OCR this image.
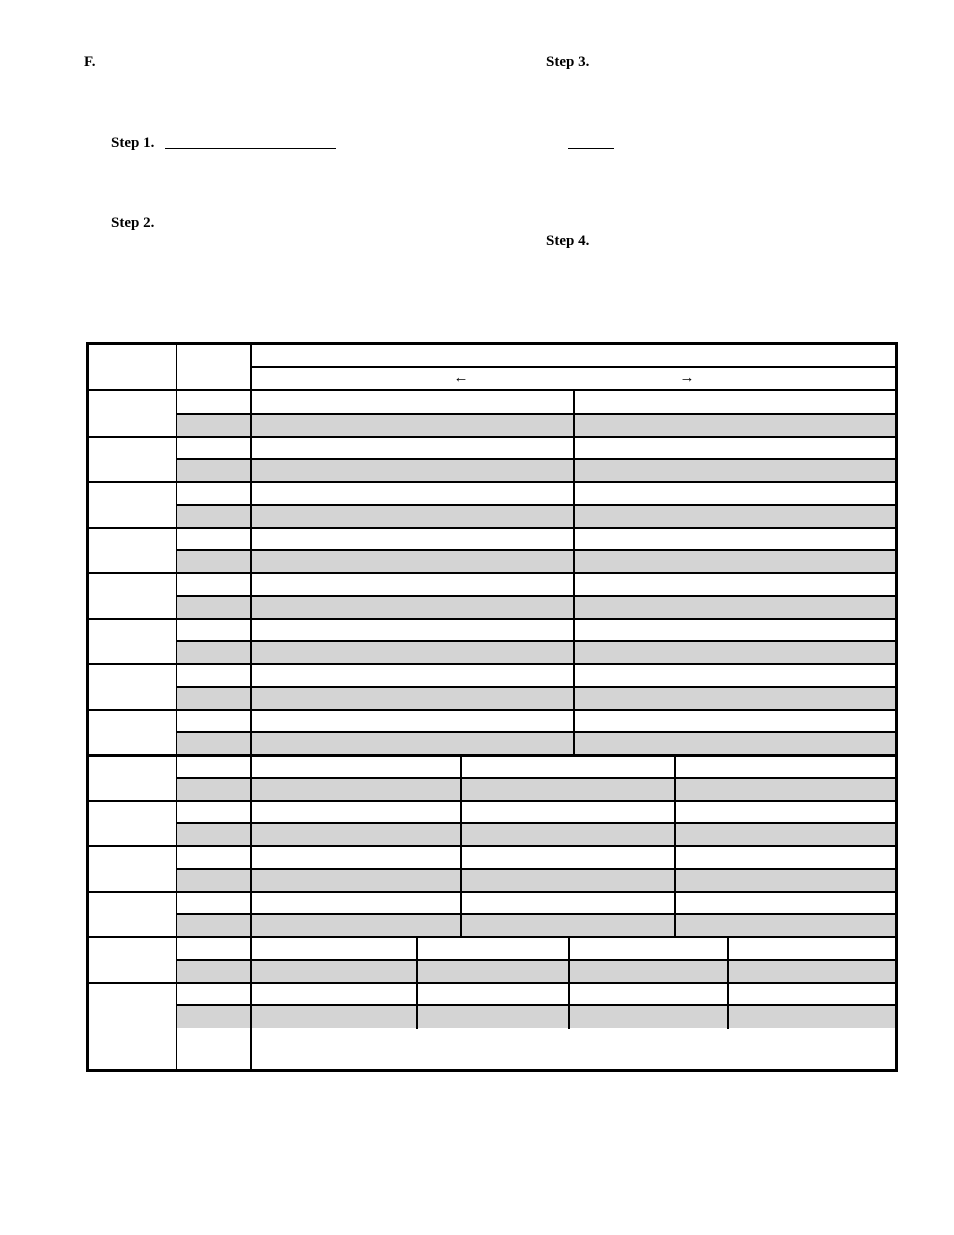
F.
Step 1.
Step 2.
Step 3.
Step 4.
←	→
